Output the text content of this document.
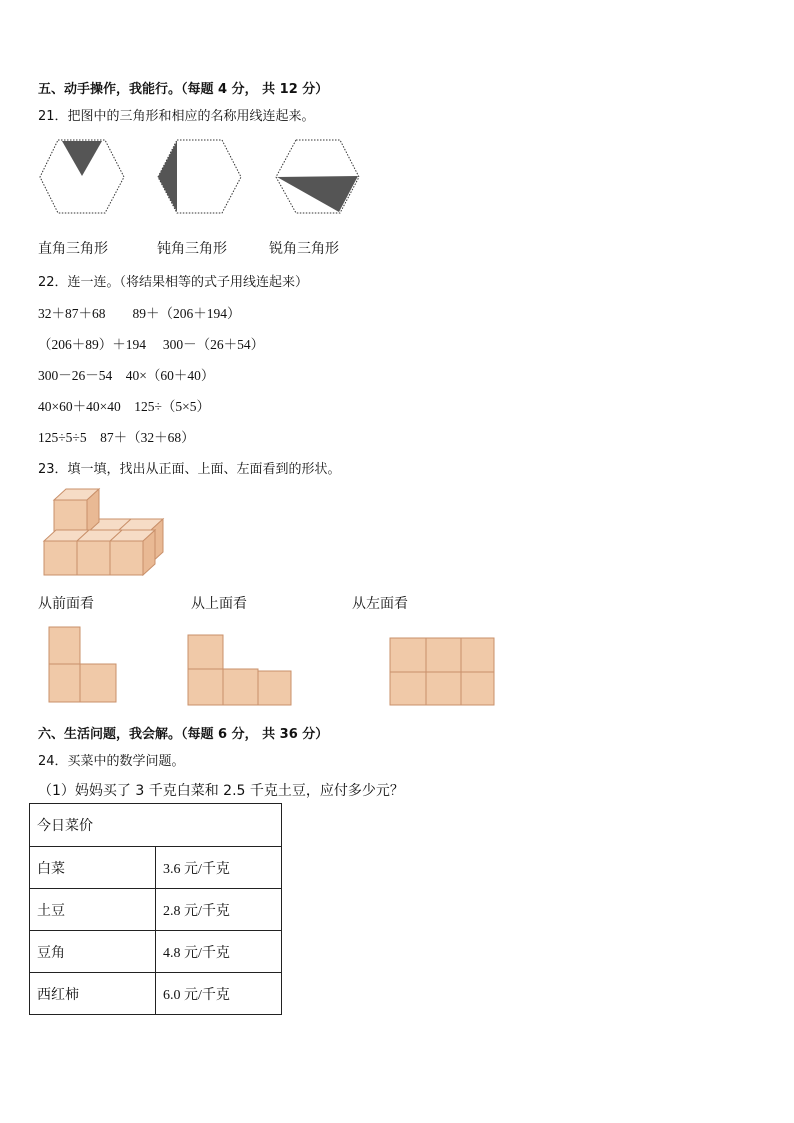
五、动手操作，我能行。（每题 4 分， 共 12 分）
21．把图中的三角形和相应的名称用线连起来。
直角三角形	钝角三角形	锐角三角形
22．连一连。（将结果相等的式子用线连起来）
32＋87＋68　　89＋（206＋194）
（206＋89）＋194　 300－（26＋54）
300－26－54　40×（60＋40）
40×60＋40×40　125÷（5×5）
125÷5÷5　87＋（32＋68）
23．填一填，找出从正面、上面、左面看到的形状。
从前面看	从上面看	从左面看
六、生活问题，我会解。（每题 6 分， 共 36 分）
24．买菜中的数学问题。
（1）妈妈买了 3 千克白菜和 2.5 千克土豆，应付多少元？
今日菜价	
白菜	3.6 元/千克
土豆	2.8 元/千克
豆角	4.8 元/千克
西红柿	6.0 元/千克
